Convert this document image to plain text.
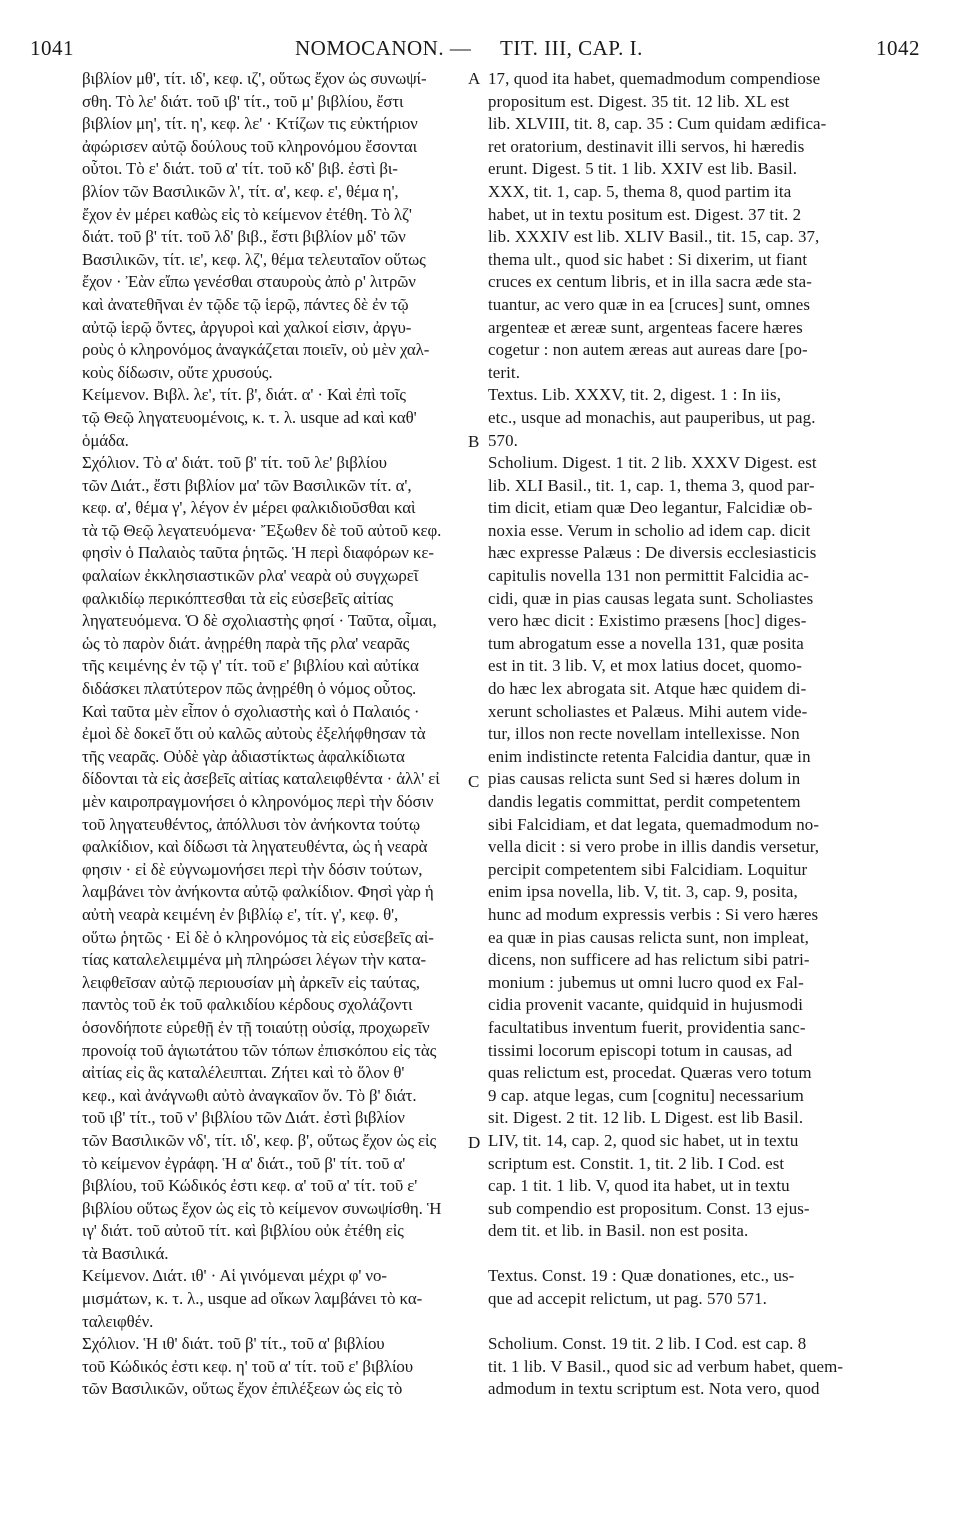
1041	NOMOCANON. — TIT. III, CAP. I.	1042
A
B
C
D
βιβλίον μθ', τίτ. ιδ', κεφ. ιζ', οὕτως ἔχον ὡς συνωψί-
σθη. Τὸ λε' διάτ. τοῦ ιβ' τίτ., τοῦ μ' βιβλίου, ἔστι
βιβλίον μη', τίτ. η', κεφ. λε' · Κτίζων τις εὐκτήριον
ἀφώρισεν αὐτῷ δούλους τοῦ κληρονόμου ἔσονται
οὗτοι. Τὸ ε' διάτ. τοῦ α' τίτ. τοῦ κδ' βιβ. ἐστὶ βι-
βλίον τῶν Βασιλικῶν λ', τίτ. α', κεφ. ε', θέμα η',
ἔχον ἐν μέρει καθὼς εἰς τὸ κείμενον ἐτέθη. Τὸ λζ'
διάτ. τοῦ β' τίτ. τοῦ λδ' βιβ., ἔστι βιβλίον μδ' τῶν
Βασιλικῶν, τίτ. ιε', κεφ. λζ', θέμα τελευταῖον οὕτως
ἔχον · Ἐὰν εἴπω γενέσθαι σταυροὺς ἀπὸ ρ' λιτρῶν
καὶ ἀνατεθῆναι ἐν τῷδε τῷ ἱερῷ, πάντες δὲ ἐν τῷ
αὐτῷ ἱερῷ ὄντες, ἀργυροὶ καὶ χαλκοί εἰσιν, ἀργυ-
ροὺς ὁ κληρονόμος ἀναγκάζεται ποιεῖν, οὐ μὲν χαλ-
κοὺς δίδωσιν, οὔτε χρυσούς.
Κείμενον. Βιβλ. λε', τίτ. β', διάτ. α' · Καὶ ἐπὶ τοῖς
τῷ Θεῷ ληγατευομένοις, κ. τ. λ. usque ad καὶ καθ'
ὁμάδα.
Σχόλιον. Τὸ α' διάτ. τοῦ β' τίτ. τοῦ λε' βιβλίου
τῶν Διάτ., ἔστι βιβλίον μα' τῶν Βασιλικῶν τίτ. α',
κεφ. α', θέμα γ', λέγον ἐν μέρει φαλκιδιοῦσθαι καὶ
τὰ τῷ Θεῷ λεγατευόμενα· Ἔξωθεν δὲ τοῦ αὐτοῦ κεφ.
φησὶν ὁ Παλαιὸς ταῦτα ῥητῶς. Ἡ περὶ διαφόρων κε-
φαλαίων ἐκκλησιαστικῶν ρλα' νεαρὰ οὐ συγχωρεῖ
φαλκιδίῳ περικόπτεσθαι τὰ εἰς εὐσεβεῖς αἰτίας
ληγατευόμενα. Ὁ δὲ σχολιαστὴς φησί · Ταῦτα, οἶμαι,
ὡς τὸ παρὸν διάτ. ἀνῃρέθη παρὰ τῆς ρλα' νεαρᾶς
τῆς κειμένης ἐν τῷ γ' τίτ. τοῦ ε' βιβλίου καὶ αὐτίκα
διδάσκει πλατύτερον πῶς ἀνῃρέθη ὁ νόμος οὗτος.
Καὶ ταῦτα μὲν εἶπον ὁ σχολιαστὴς καὶ ὁ Παλαιός ·
ἐμοὶ δὲ δοκεῖ ὅτι οὐ καλῶς αὐτοὺς ἐξελήφθησαν τὰ
τῆς νεαρᾶς. Οὐδὲ γὰρ ἀδιαστίκτως ἀφαλκίδιωτα
δίδονται τὰ εἰς ἀσεβεῖς αἰτίας καταλειφθέντα · ἀλλ' εἰ
μὲν καιροπραγμονήσει ὁ κληρονόμος περὶ τὴν δόσιν
τοῦ ληγατευθέντος, ἀπόλλυσι τὸν ἀνήκοντα τούτῳ
φαλκίδιον, καὶ δίδωσι τὰ ληγατευθέντα, ὡς ἡ νεαρὰ
φησιν · εἰ δὲ εὐγνωμονήσει περὶ τὴν δόσιν τούτων,
λαμβάνει τὸν ἀνήκοντα αὐτῷ φαλκίδιον. Φησὶ γὰρ ἡ
αὐτὴ νεαρὰ κειμένη ἐν βιβλίῳ ε', τίτ. γ', κεφ. θ',
οὕτω ῥητῶς · Εἰ δὲ ὁ κληρονόμος τὰ εἰς εὐσεβεῖς αἰ-
τίας καταλελειμμένα μὴ πληρώσει λέγων τὴν κατα-
λειφθεῖσαν αὐτῷ περιουσίαν μὴ ἀρκεῖν εἰς ταύτας,
παντὸς τοῦ ἐκ τοῦ φαλκιδίου κέρδους σχολάζοντι
ὁσονδήποτε εὑρεθῇ ἐν τῇ τοιαύτῃ οὐσίᾳ, προχωρεῖν
προνοίᾳ τοῦ ἁγιωτάτου τῶν τόπων ἐπισκόπου εἰς τὰς
αἰτίας εἰς ἃς καταλέλειπται. Ζήτει καὶ τὸ ὅλον θ'
κεφ., καὶ ἀνάγνωθι αὐτὸ ἀναγκαῖον ὄν. Τὸ β' διάτ.
τοῦ ιβ' τίτ., τοῦ ν' βιβλίου τῶν Διάτ. ἐστὶ βιβλίον
τῶν Βασιλικῶν νδ', τίτ. ιδ', κεφ. β', οὕτως ἔχον ὡς εἰς
τὸ κείμενον ἐγράφη. Ἡ α' διάτ., τοῦ β' τίτ. τοῦ α'
βιβλίου, τοῦ Κώδικός ἐστι κεφ. α' τοῦ α' τίτ. τοῦ ε'
βιβλίου οὕτως ἔχον ὡς εἰς τὸ κείμενον συνωψίσθη. Ἡ
ιγ' διάτ. τοῦ αὐτοῦ τίτ. καὶ βιβλίου οὐκ ἐτέθη εἰς
τὰ Βασιλικά.
Κείμενον. Διάτ. ιθ' · Αἱ γινόμεναι μέχρι φ' νο-
μισμάτων, κ. τ. λ., usque ad οἴκων λαμβάνει τὸ κα-
ταλειφθέν.
Σχόλιον. Ἡ ιθ' διάτ. τοῦ β' τίτ., τοῦ α' βιβλίου
τοῦ Κώδικός ἐστι κεφ. η' τοῦ α' τίτ. τοῦ ε' βιβλίου
τῶν Βασιλικῶν, οὕτως ἔχον ἐπιλέξεων ὡς εἰς τὸ
17, quod ita habet, quemadmodum compendiose
propositum est. Digest. 35 tit. 12 lib. XL est
lib. XLVIII, tit. 8, cap. 35 : Cum quidam ædifica-
ret oratorium, destinavit illi servos, hi hæredis
erunt. Digest. 5 tit. 1 lib. XXIV est lib. Basil.
XXX, tit. 1, cap. 5, thema 8, quod partim ita
habet, ut in textu positum est. Digest. 37 tit. 2
lib. XXXIV est lib. XLIV Basil., tit. 15, cap. 37,
thema ult., quod sic habet : Si dixerim, ut fiant
cruces ex centum libris, et in illa sacra æde sta-
tuantur, ac vero quæ in ea [cruces] sunt, omnes
argenteæ et æreæ sunt, argenteas facere hæres
cogetur : non autem æreas aut aureas dare [po-
terit.
Textus. Lib. XXXV, tit. 2, digest. 1 : In iis,
etc., usque ad monachis, aut pauperibus, ut pag.
570.
Scholium. Digest. 1 tit. 2 lib. XXXV Digest. est
lib. XLI Basil., tit. 1, cap. 1, thema 3, quod par-
tim dicit, etiam quæ Deo legantur, Falcidiæ ob-
noxia esse. Verum in scholio ad idem cap. dicit
hæc expresse Palæus : De diversis ecclesiasticis
capitulis novella 131 non permittit Falcidia ac-
cidi, quæ in pias causas legata sunt. Scholiastes
vero hæc dicit : Existimo præsens [hoc] diges-
tum abrogatum esse a novella 131, quæ posita
est in tit. 3 lib. V, et mox latius docet, quomo-
do hæc lex abrogata sit. Atque hæc quidem di-
xerunt scholiastes et Palæus. Mihi autem vide-
tur, illos non recte novellam intellexisse. Non
enim indistincte retenta Falcidia dantur, quæ in
pias causas relicta sunt Sed si hæres dolum in
dandis legatis committat, perdit competentem
sibi Falcidiam, et dat legata, quemadmodum no-
vella dicit : si vero probe in illis dandis versetur,
percipit competentem sibi Falcidiam. Loquitur
enim ipsa novella, lib. V, tit. 3, cap. 9, posita,
hunc ad modum expressis verbis : Si vero hæres
ea quæ in pias causas relicta sunt, non impleat,
dicens, non sufficere ad has relictum sibi patri-
monium : jubemus ut omni lucro quod ex Fal-
cidia provenit vacante, quidquid in hujusmodi
facultatibus inventum fuerit, providentia sanc-
tissimi locorum episcopi totum in causas, ad
quas relictum est, procedat. Quæras vero totum
9 cap. atque legas, cum [cognitu] necessarium
sit. Digest. 2 tit. 12 lib. L Digest. est lib Basil.
LIV, tit. 14, cap. 2, quod sic habet, ut in textu
scriptum est. Constit. 1, tit. 2 lib. I Cod. est
cap. 1 tit. 1 lib. V, quod ita habet, ut in textu
sub compendio est propositum. Const. 13 ejus-
dem tit. et lib. in Basil. non est posita.
Textus. Const. 19 : Quæ donationes, etc., us-
que ad accepit relictum, ut pag. 570 571.
Scholium. Const. 19 tit. 2 lib. I Cod. est cap. 8
tit. 1 lib. V Basil., quod sic ad verbum habet, quem-
admodum in textu scriptum est. Nota vero, quod
